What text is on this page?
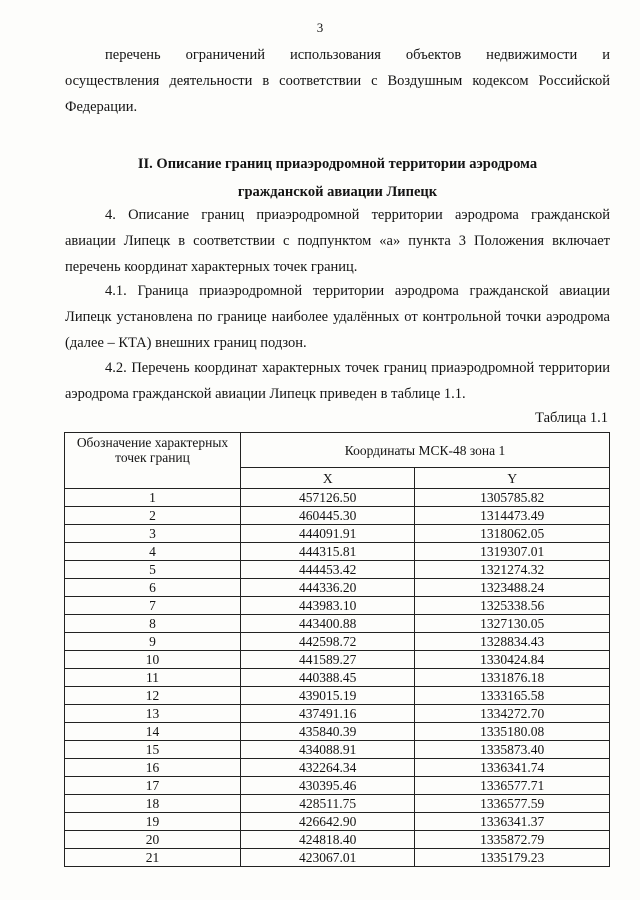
3
перечень ограничений использования объектов недвижимости и
осуществления деятельности в соответствии с Воздушным кодексом Российской Федерации.
II. Описание границ приаэродромной территории аэродрома
гражданской авиации Липецк
4. Описание границ приаэродромной территории аэродрома гражданской авиации Липецк в соответствии с подпунктом «а» пункта 3 Положения включает перечень координат характерных точек границ.
4.1. Граница приаэродромной территории аэродрома гражданской авиации Липецк установлена по границе наиболее удалённых от контрольной точки аэродрома (далее – КТА) внешних границ подзон.
4.2. Перечень координат характерных точек границ приаэродромной территории аэродрома гражданской авиации Липецк приведен в таблице 1.1.
Таблица 1.1
Обозначение характерных точек границ	Координаты МСК-48 зона 1	
	X	Y
1	457126.50	1305785.82
2	460445.30	1314473.49
3	444091.91	1318062.05
4	444315.81	1319307.01
5	444453.42	1321274.32
6	444336.20	1323488.24
7	443983.10	1325338.56
8	443400.88	1327130.05
9	442598.72	1328834.43
10	441589.27	1330424.84
11	440388.45	1331876.18
12	439015.19	1333165.58
13	437491.16	1334272.70
14	435840.39	1335180.08
15	434088.91	1335873.40
16	432264.34	1336341.74
17	430395.46	1336577.71
18	428511.75	1336577.59
19	426642.90	1336341.37
20	424818.40	1335872.79
21	423067.01	1335179.23
